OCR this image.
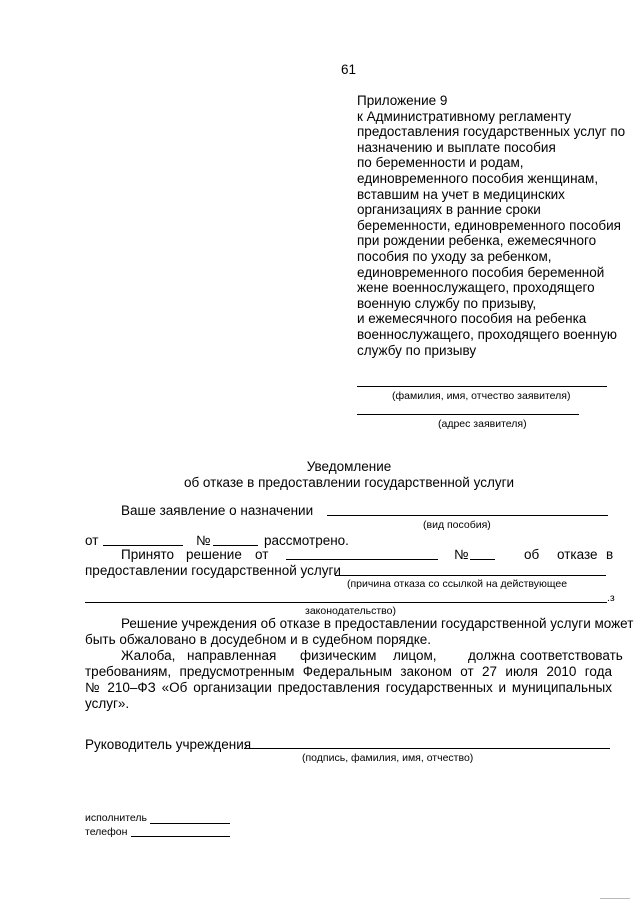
61
Приложение 9
к Административному регламенту
предоставления государственных услуг по
назначению и выплате пособия
по беременности и родам,
единовременного пособия женщинам,
вставшим на учет в медицинских
организациях в ранние сроки
беременности, единовременного пособия
при рождении ребенка, ежемесячного
пособия по уходу за ребенком,
единовременного пособия беременной
жене военнослужащего, проходящего
военную службу по призыву,
и ежемесячного пособия на ребенка
военнослужащего, проходящего военную
службу по призыву
(фамилия, имя, отчество заявителя)
(адрес заявителя)
Уведомление
об отказе в предоставлении государственной услуги
Ваше заявление о назначении
(вид пособия)
от	№	рассмотрено.
Принято решение от	№	об отказе в
предоставлении государственной услуги
(причина отказа со ссылкой на действующее
.з
законодательство)
Решение учреждения об отказе в предоставлении государственной услуги может
быть обжаловано в досудебном и в судебном порядке.
Жалоба, направленная физическим лицом, должна соответствовать
требованиям, предусмотренным Федеральным законом от 27 июля 2010 года
№ 210–ФЗ «Об организации предоставления государственных и муниципальных
услуг».
Руководитель учреждения
(подпись, фамилия, имя, отчество)
исполнитель
телефон
